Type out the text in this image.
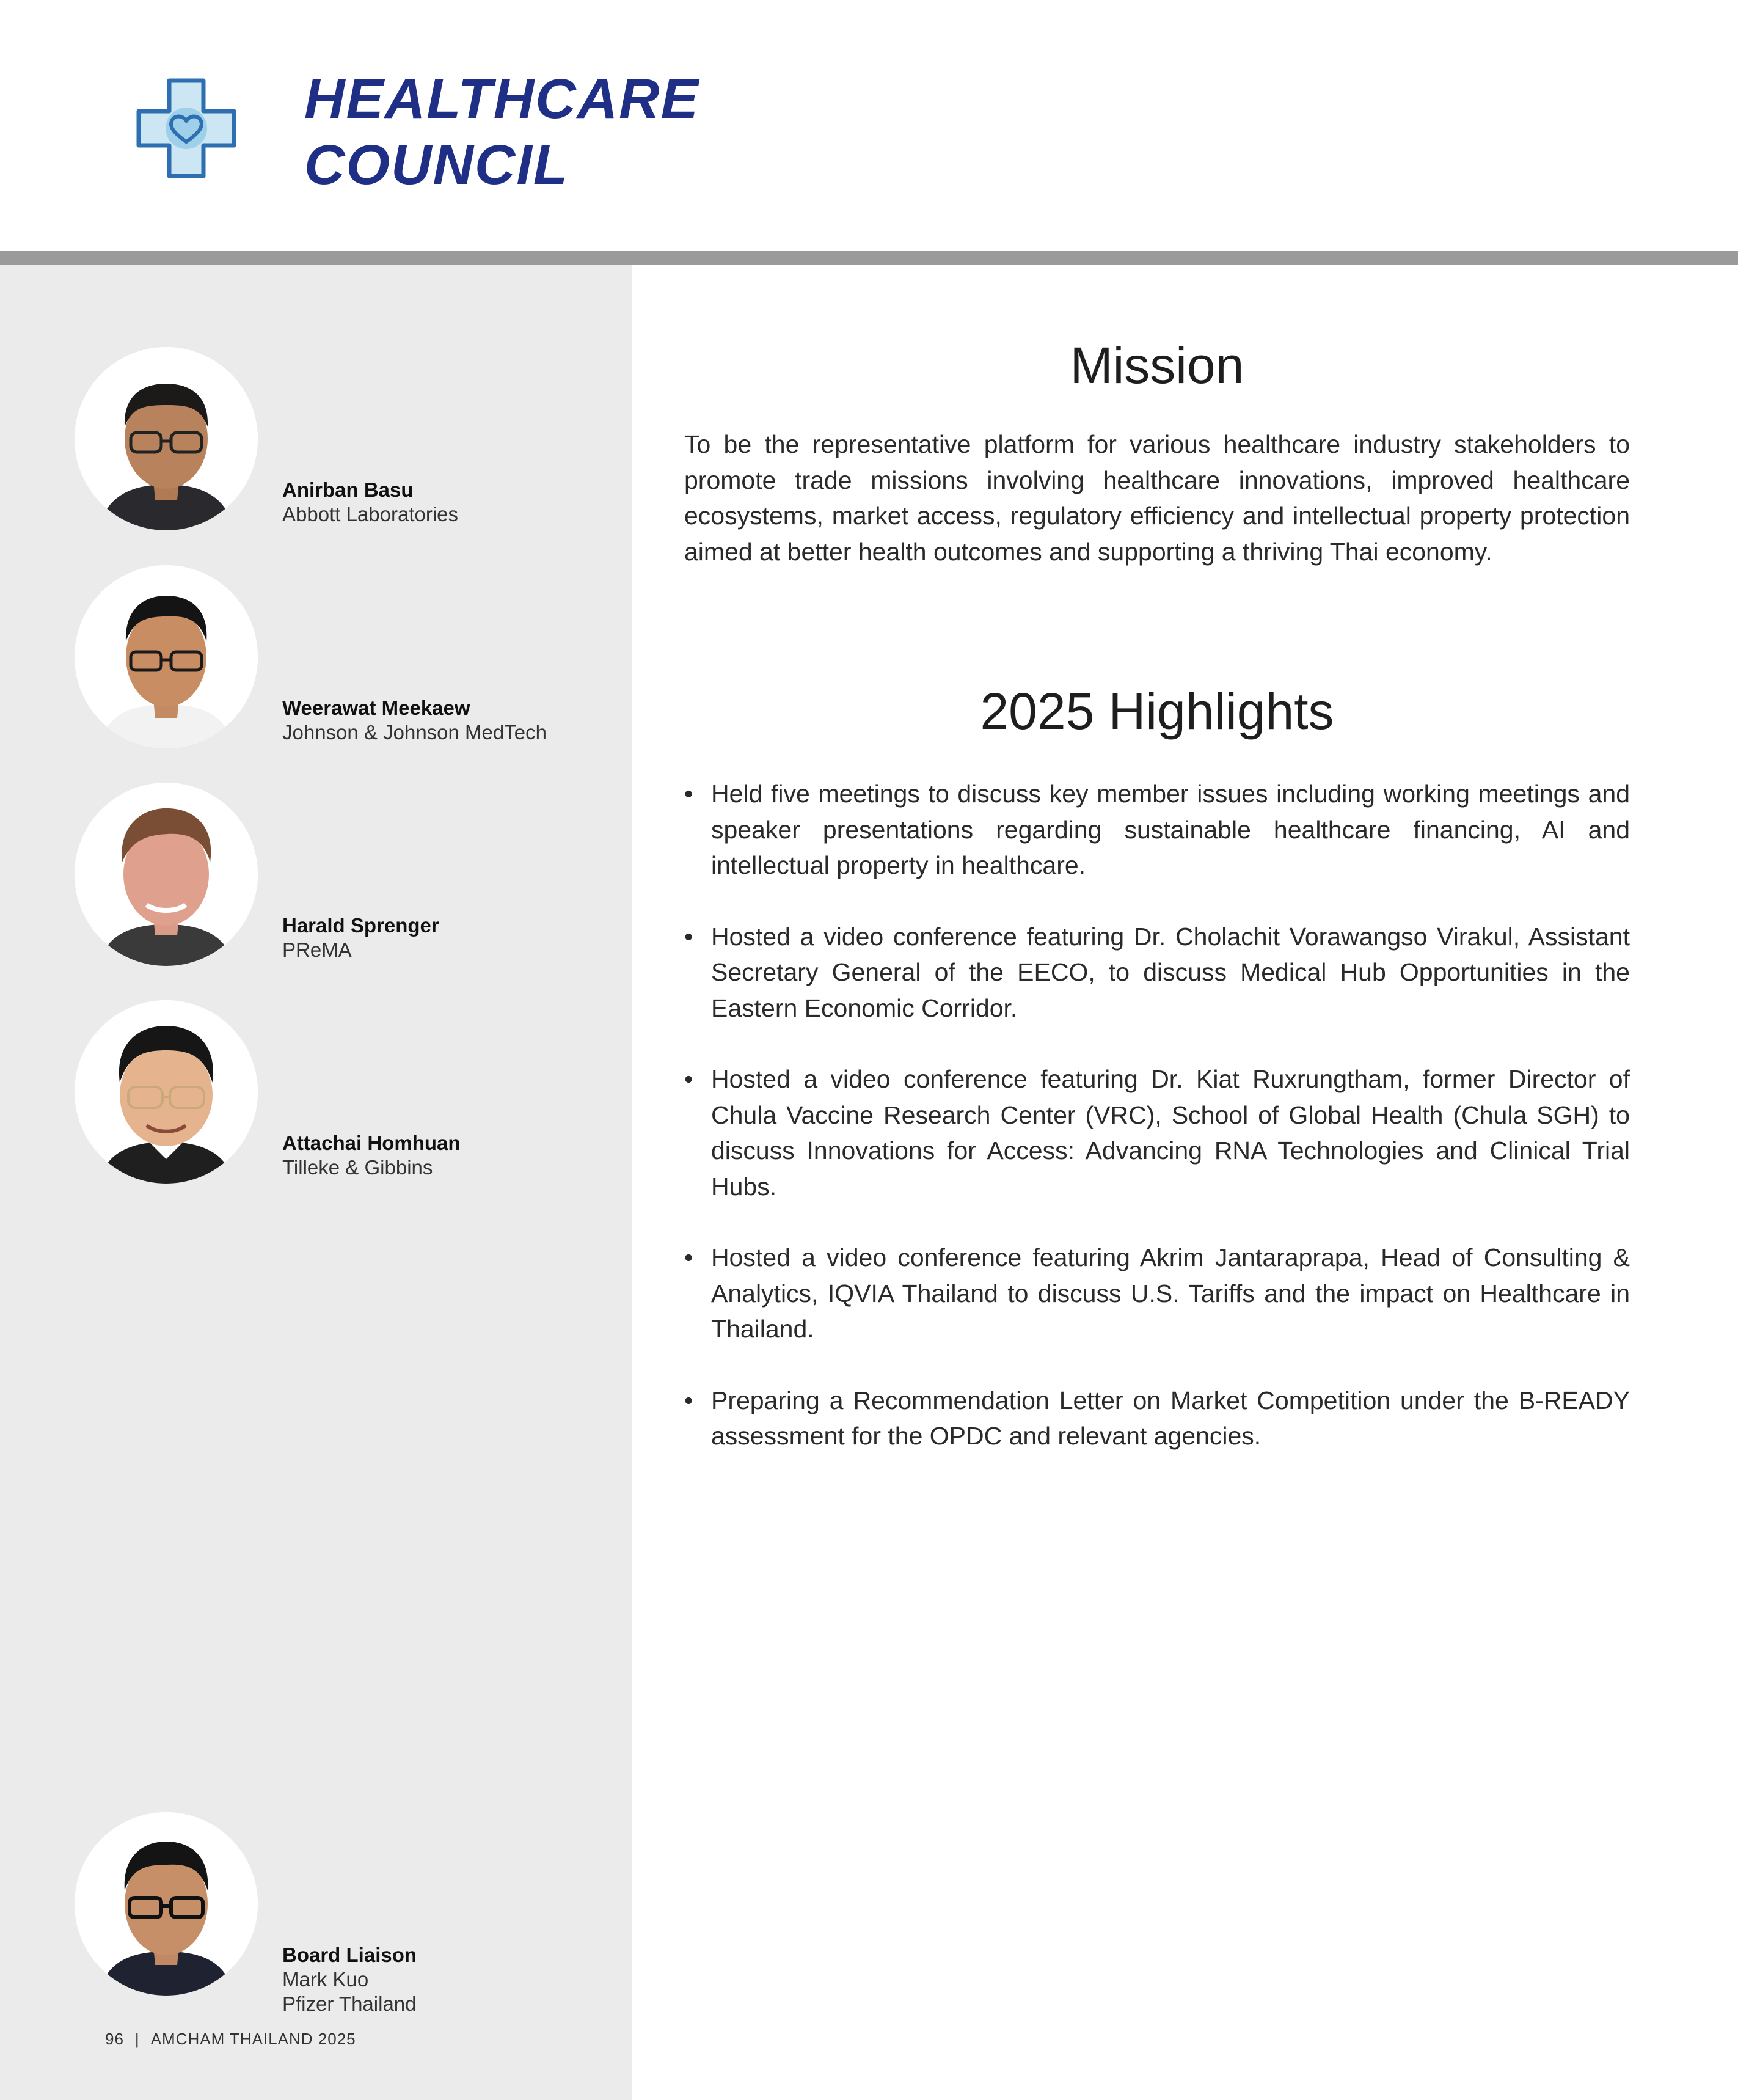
HEALTHCARE
COUNCIL
Anirban Basu
Abbott Laboratories
Weerawat Meekaew
Johnson & Johnson MedTech
Harald Sprenger
PReMA
Attachai Homhuan
Tilleke & Gibbins
Board Liaison
Mark Kuo
Pfizer Thailand
96 | AMCHAM THAILAND 2025
Mission

To be the representative platform for various healthcare industry stakeholders to promote trade missions involving healthcare innovations, improved healthcare ecosystems, market access, regulatory efficiency and intellectual property protection aimed at better health outcomes and supporting a thriving Thai economy.

2025 Highlights
• Held five meetings to discuss key member issues including working meetings and speaker presentations regarding sustainable healthcare financing, AI and intellectual property in healthcare.
• Hosted a video conference featuring Dr. Cholachit Vorawangso Virakul, Assistant Secretary General of the EECO, to discuss Medical Hub Opportunities in the Eastern Economic Corridor.
• Hosted a video conference featuring Dr. Kiat Ruxrungtham, former Director of Chula Vaccine Research Center (VRC), School of Global Health (Chula SGH) to discuss Innovations for Access: Advancing RNA Technologies and Clinical Trial Hubs.
• Hosted a video conference featuring Akrim Jantaraprapa, Head of Consulting & Analytics, IQVIA Thailand to discuss U.S. Tariffs and the impact on Healthcare in Thailand.
• Preparing a Recommendation Letter on Market Competition under the B-READY assessment for the OPDC and relevant agencies.
